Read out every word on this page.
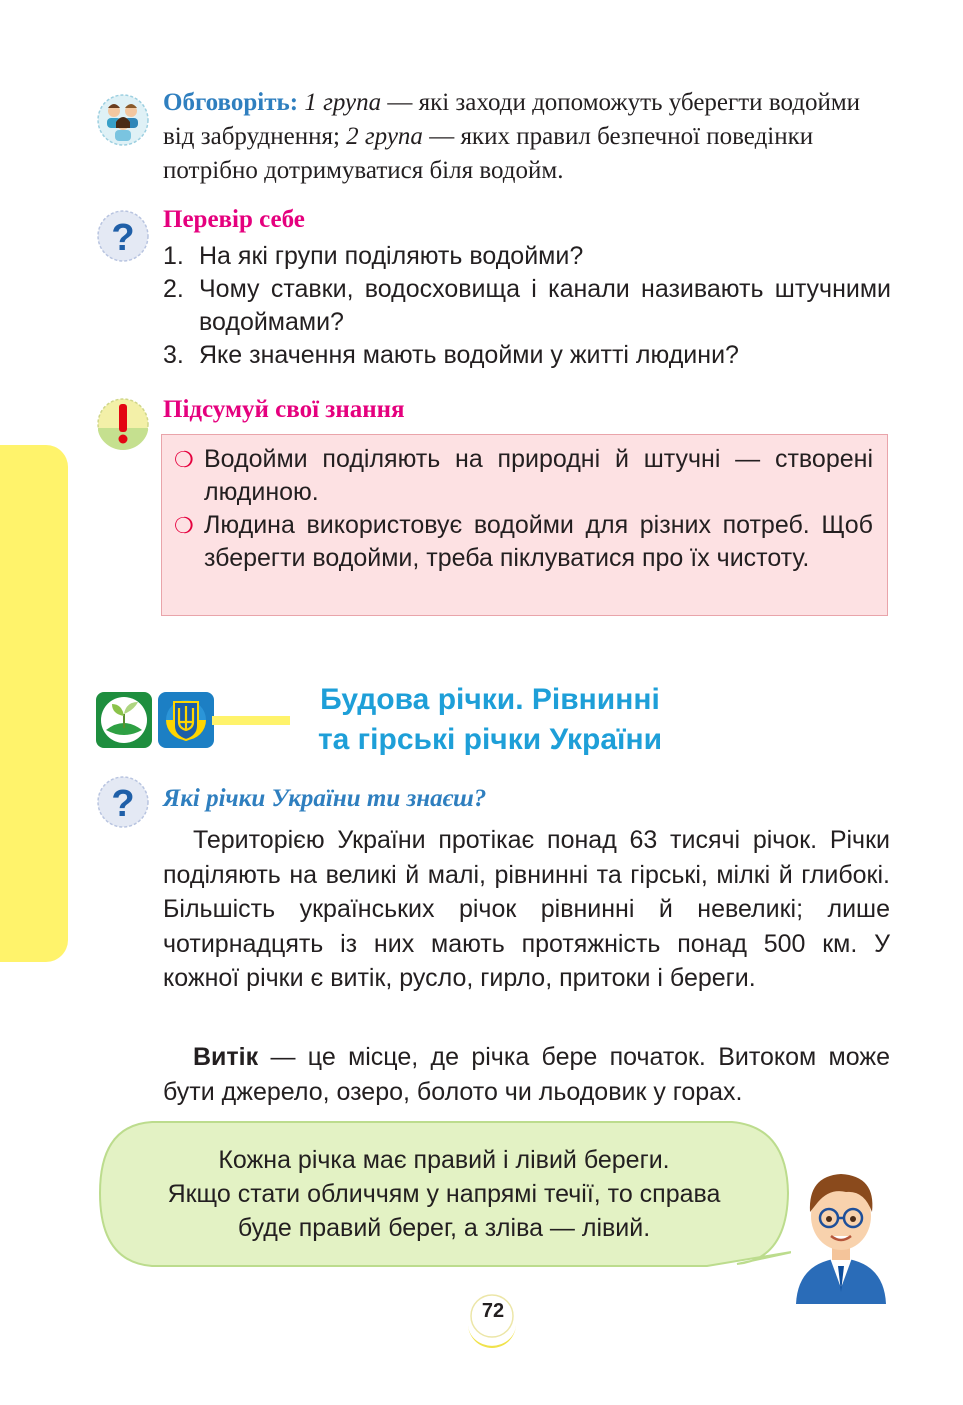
Обговоріть: 1 група — які заходи допоможуть уберегти водойми від забруднення; 2 група — яких правил безпечної поведінки потрібно дотримуватися біля водойм.
? Перевір себе
1. На які групи поділяють водойми?
2. Чому ставки, водосховища і канали називають штучними водоймами?
3. Яке значення мають водойми у житті людини?
Підсумуй свої знання
❍ Водойми поділяють на природні й штучні — створені людиною.
❍ Людина використовує водойми для різних потреб. Щоб зберегти водойми, треба піклуватися про їх чистоту.
Будова річки. Рівнинні
та гірські річки України
? Які річки України ти знаєш?

Територією України протікає понад 63 тисячі річок. Річки поділяють на великі й малі, рівнинні та гірські, мілкі й глибокі. Більшість українських річок рівнинні й невеликі; лише чотирнадцять із них мають протяжність понад 500 км. У кожної річки є витік, русло, гирло, притоки і береги.

Витік — це місце, де річка бере початок. Витоком може бути джерело, озеро, болото чи льодовик у горах.

Кожна річка має правий і лівий береги.
Якщо стати обличчям у напрямі течії, то справа
буде правий берег, а зліва — лівий.
72
